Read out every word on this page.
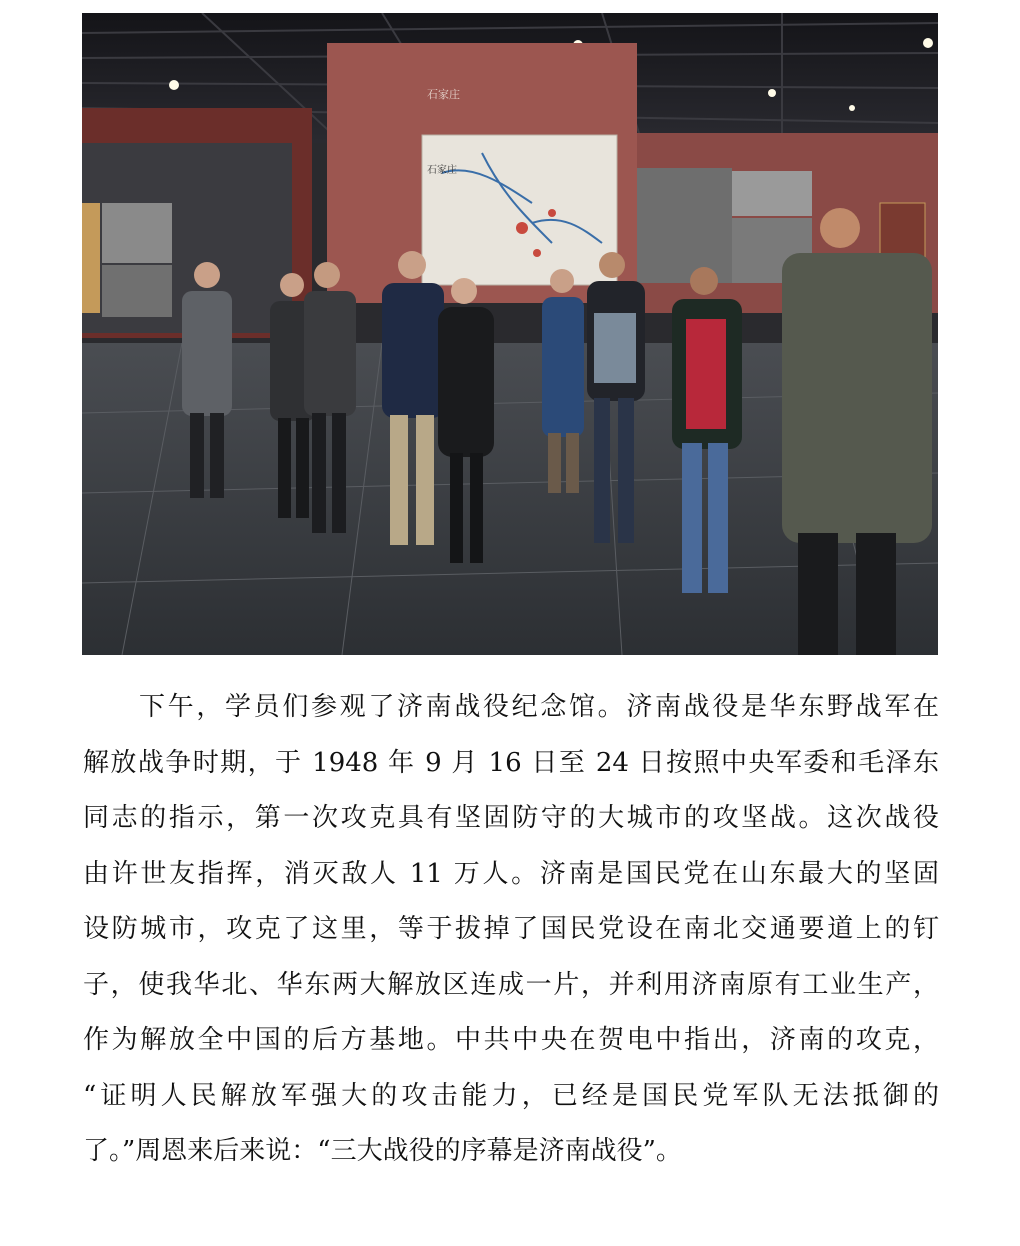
石家庄
石家庄
下午，学员们参观了济南战役纪念馆。济南战役是华东野战军在
解放战争时期，于 1948 年 9 月 16 日至 24 日按照中央军委和毛泽东
同志的指示，第一次攻克具有坚固防守的大城市的攻坚战。这次战役
由许世友指挥，消灭敌人 11 万人。济南是国民党在山东最大的坚固
设防城市，攻克了这里，等于拔掉了国民党设在南北交通要道上的钉
子，使我华北、华东两大解放区连成一片，并利用济南原有工业生产，
作为解放全中国的后方基地。中共中央在贺电中指出，济南的攻克，
“证明人民解放军强大的攻击能力，已经是国民党军队无法抵御的
了。”周恩来后来说：“三大战役的序幕是济南战役”。
